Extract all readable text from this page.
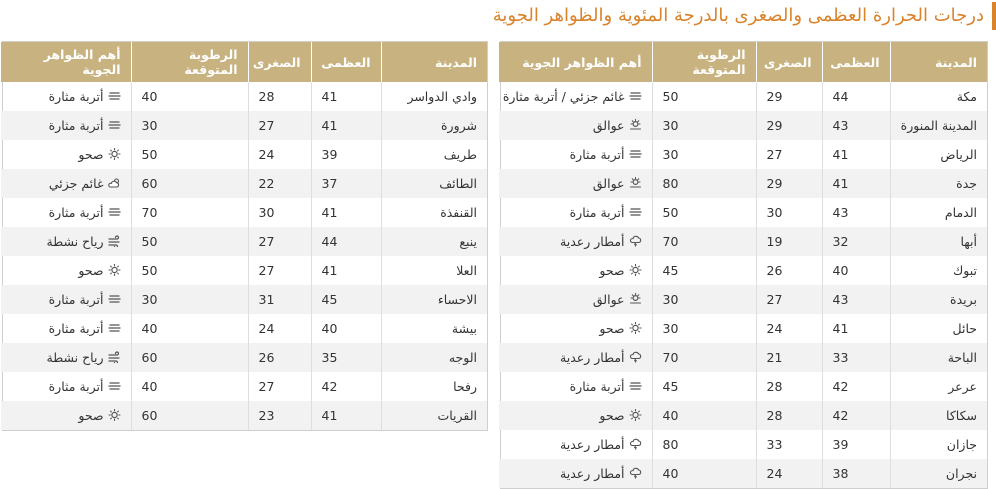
درجات الحرارة العظمى والصغرى بالدرجة المئوية والظواهر الجوية
المدينة	العظمى	الصغرى	الرطوبة المتوقعة	أهم الظواهر الجوية
مكة	44	29	50	غائم جزئي / أتربة مثارة
المدينة المنورة	43	29	30	عوالق
الرياض	41	27	30	أتربة مثارة
جدة	41	29	80	عوالق
الدمام	43	30	50	أتربة مثارة
أبها	32	19	70	أمطار رعدية
تبوك	40	26	45	صحو
بريدة	43	27	30	عوالق
حائل	41	24	30	صحو
الباحة	33	21	70	أمطار رعدية
عرعر	42	28	45	أتربة مثارة
سكاكا	42	28	40	صحو
جازان	39	33	80	أمطار رعدية
نجران	38	24	40	أمطار رعدية
المدينة	العظمى	الصغرى	الرطوبة المتوقعة	أهم الظواهر الجوية
وادي الدواسر	41	28	40	أتربة مثارة
شرورة	41	27	30	أتربة مثارة
طريف	39	24	50	صحو
الطائف	37	22	60	غائم جزئي
القنفذة	41	30	70	أتربة مثارة
ينبع	44	27	50	رياح نشطة
العلا	41	27	50	صحو
الاحساء	45	31	30	أتربة مثارة
بيشة	40	24	40	أتربة مثارة
الوجه	35	26	60	رياح نشطة
رفحا	42	27	40	أتربة مثارة
القريات	41	23	60	صحو
